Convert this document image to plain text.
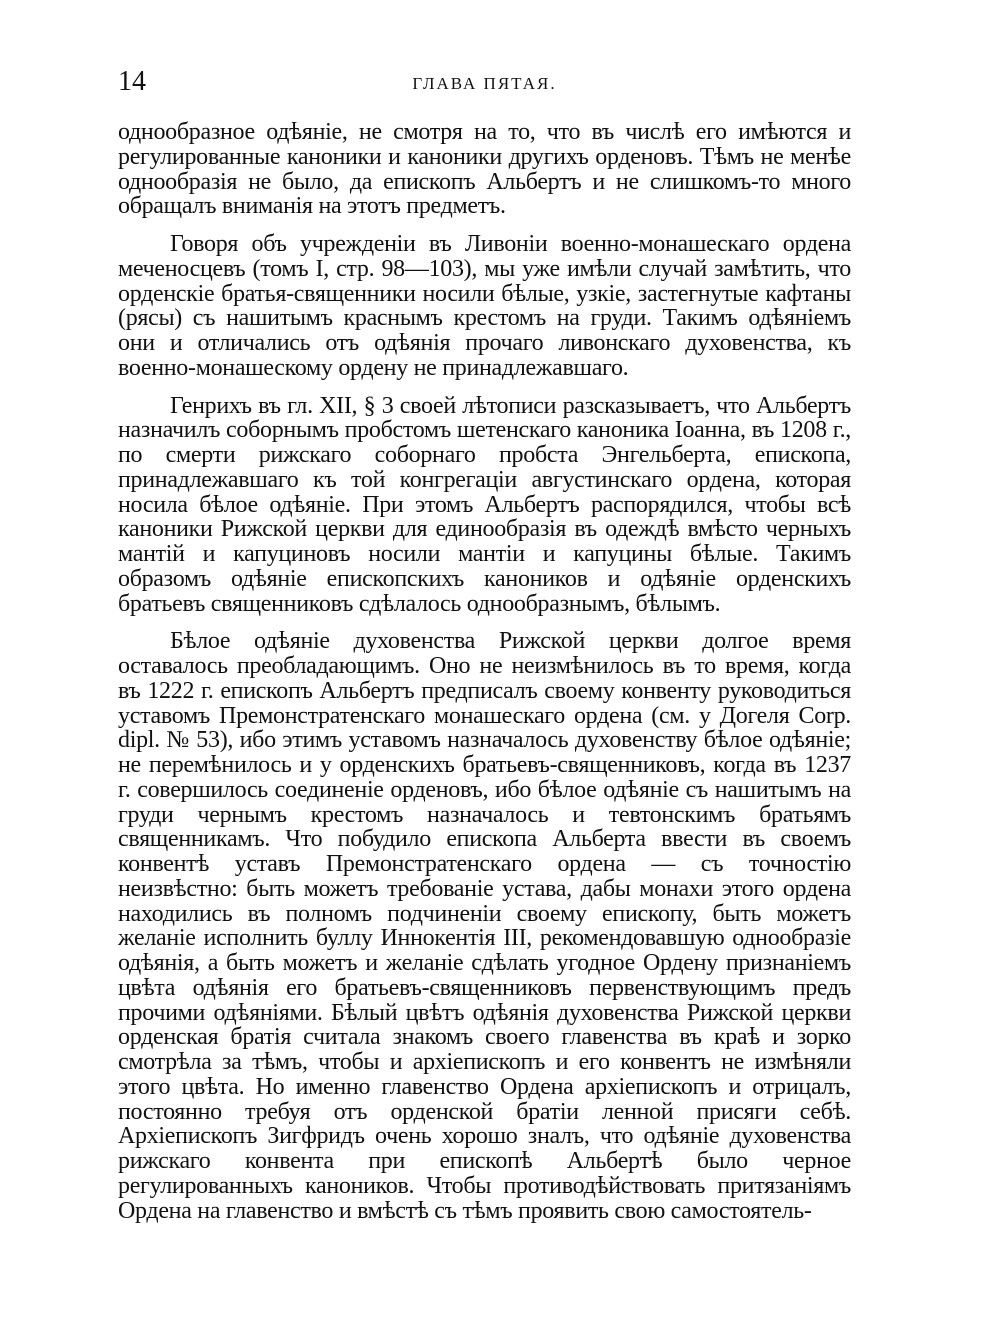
14	ГЛАВА ПЯТАЯ.

однообразное одѣяніе, не смотря на то, что въ числѣ его имѣются и регулированные каноники и каноники другихъ орденовъ. Тѣмъ не менѣе однообразія не было, да епископъ Альбертъ и не слишкомъ-то много обращалъ вниманія на этотъ предметъ.

Говоря объ учрежденіи въ Ливоніи военно-монашескаго ордена меченосцевъ (томъ I, стр. 98—103), мы уже имѣли случай замѣтить, что орденскіе братья-священники носили бѣлые, узкіе, застегнутые кафтаны (рясы) съ нашитымъ краснымъ крестомъ на груди. Такимъ одѣяніемъ они и отличались отъ одѣянія прочаго ливонскаго духовенства, къ военно-монашескому ордену не принадлежавшаго.

Генрихъ въ гл. XII, § 3 своей лѣтописи разсказываетъ, что Альбертъ назначилъ соборнымъ пробстомъ шетенскаго каноника Іоанна, въ 1208 г., по смерти рижскаго соборнаго пробста Энгельберта, епископа, принадлежавшаго къ той конгрегаціи августинскаго ордена, которая носила бѣлое одѣяніе. При этомъ Альбертъ распорядился, чтобы всѣ каноники Рижской церкви для единообразія въ одеждѣ вмѣсто черныхъ мантій и капуциновъ носили мантіи и капуцины бѣлые. Такимъ образомъ одѣяніе епископскихъ каноников и одѣяніе орденскихъ братьевъ священниковъ сдѣлалось однообразнымъ, бѣлымъ.

Бѣлое одѣяніе духовенства Рижской церкви долгое время оставалось преобладающимъ. Оно не неизмѣнилось въ то время, когда въ 1222 г. епископъ Альбертъ предписалъ своему конвенту руководиться уставомъ Премонстратенскаго монашескаго ордена (см. у Догеля Corp. dipl. № 53), ибо этимъ уставомъ назначалось духовенству бѣлое одѣяніе; не перемѣнилось и у орденскихъ братьевъ-священниковъ, когда въ 1237 г. совершилось соединеніе орденовъ, ибо бѣлое одѣяніе съ нашитымъ на груди чернымъ крестомъ назначалось и тевтонскимъ братьямъ священникамъ. Что побудило епископа Альберта ввести въ своемъ конвентѣ уставъ Премонстратенскаго ордена — съ точностію неизвѣстно: быть можетъ требованіе устава, дабы монахи этого ордена находились въ полномъ подчиненіи своему епископу, быть можетъ желаніе исполнить буллу Иннокентія III, рекомендовавшую однообразіе одѣянія, а быть можетъ и желаніе сдѣлать угодное Ордену признаніемъ цвѣта одѣянія его братьевъ-священниковъ первенствующимъ предъ прочими одѣяніями. Бѣлый цвѣтъ одѣянія духовенства Рижской церкви орденская братія считала знакомъ своего главенства въ краѣ и зорко смотрѣла за тѣмъ, чтобы и архіепископъ и его конвентъ не измѣняли этого цвѣта. Но именно главенство Ордена архіепископъ и отрицалъ, постоянно требуя отъ орденской братіи ленной присяги себѣ. Архіепископъ Зигфридъ очень хорошо зналъ, что одѣяніе духовенства рижскаго конвента при епископѣ Альбертѣ было черное регулированныхъ каноников. Чтобы противодѣйствовать притязаніямъ Ордена на главенство и вмѣстѣ съ тѣмъ проявить свою самостоятель-
